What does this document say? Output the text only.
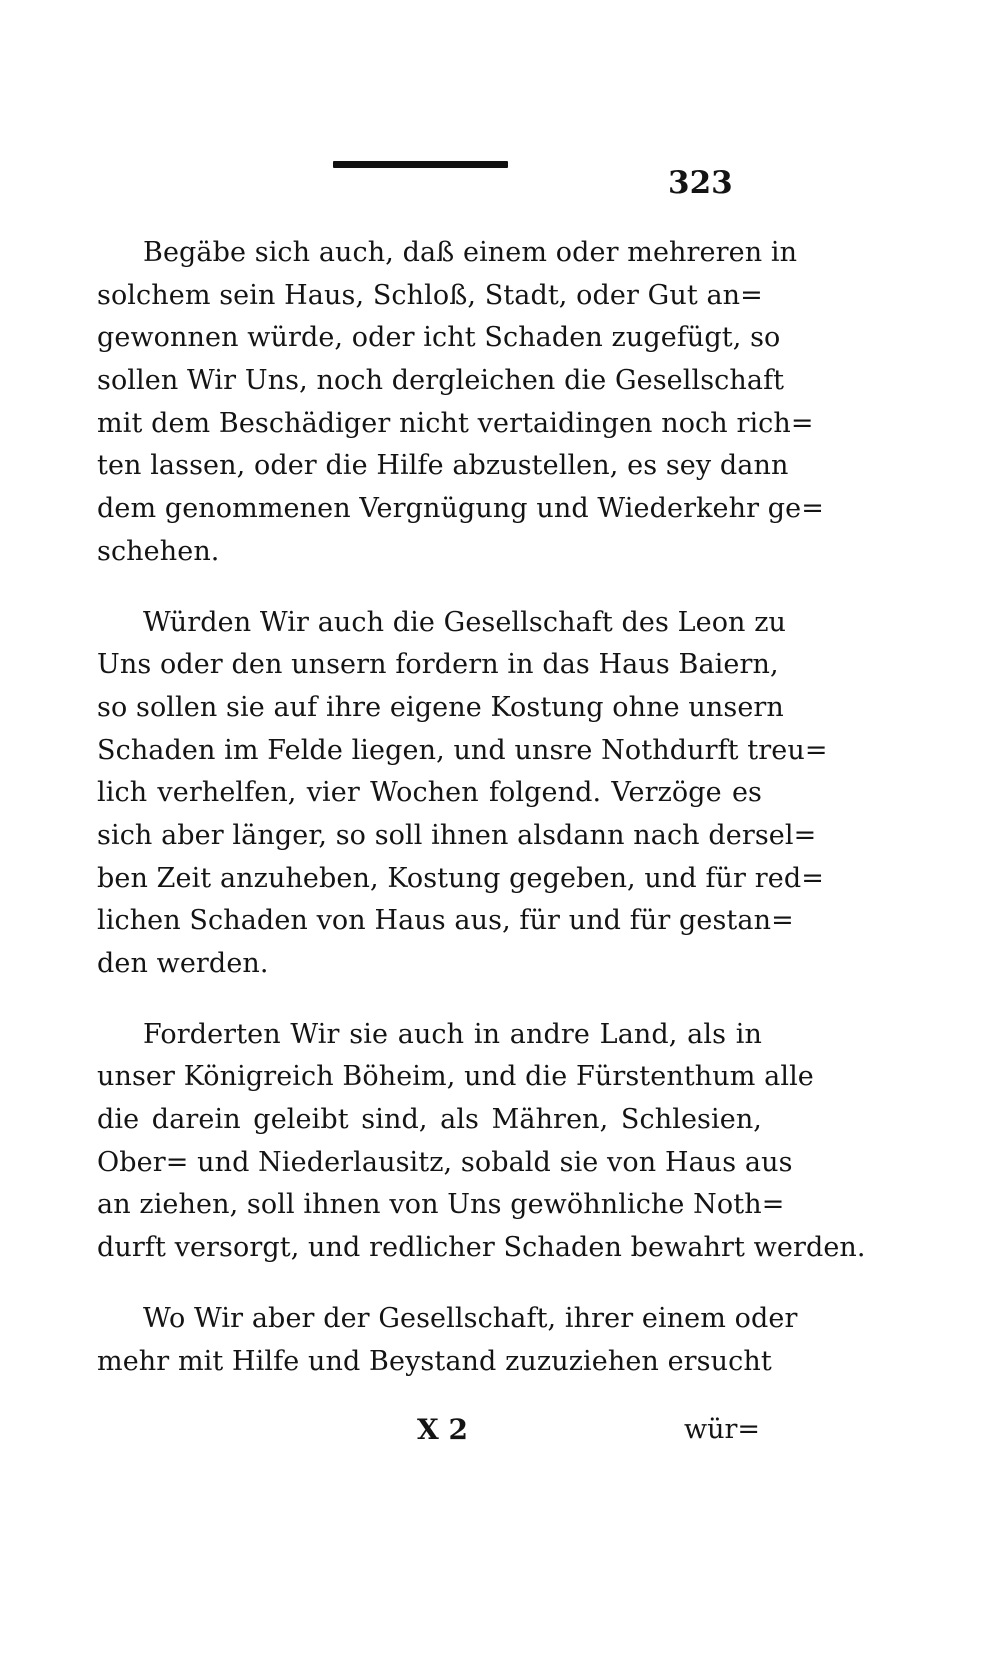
323
Begäbe sich auch, daß einem oder mehreren in
solchem sein Haus, Schloß, Stadt, oder Gut an=
gewonnen würde, oder icht Schaden zugefügt, so
sollen Wir Uns, noch dergleichen die Gesellschaft
mit dem Beschädiger nicht vertaidingen noch rich=
ten lassen, oder die Hilfe abzustellen, es sey dann
dem genommenen Vergnügung und Wiederkehr ge=
schehen.
Würden Wir auch die Gesellschaft des Leon zu
Uns oder den unsern fordern in das Haus Baiern,
so sollen sie auf ihre eigene Kostung ohne unsern
Schaden im Felde liegen, und unsre Nothdurft treu=
lich verhelfen, vier Wochen folgend. Verzöge es
sich aber länger, so soll ihnen alsdann nach dersel=
ben Zeit anzuheben, Kostung gegeben, und für red=
lichen Schaden von Haus aus, für und für gestan=
den werden.
Forderten Wir sie auch in andre Land, als in
unser Königreich Böheim, und die Fürstenthum alle
die darein geleibt sind, als Mähren, Schlesien,
Ober= und Niederlausitz, sobald sie von Haus aus
an ziehen, soll ihnen von Uns gewöhnliche Noth=
durft versorgt, und redlicher Schaden bewahrt werden.
Wo Wir aber der Gesellschaft, ihrer einem oder
mehr mit Hilfe und Beystand zuzuziehen ersucht
X 2	wür=
